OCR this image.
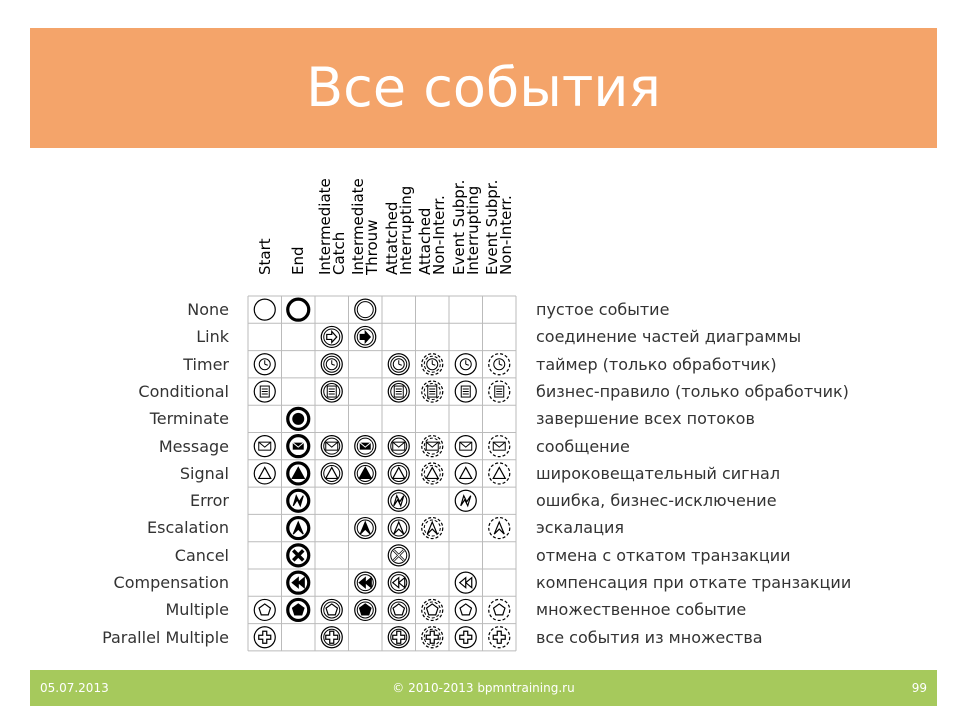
Все события
Start End Intermediate
Catch Intermediate
Throuw Attatched
Interrupting Attached
Non-Interr. Event Subpr.
Interrupting Event Subpr.
Non-Interr.
None
Link
Timer
Conditional
Terminate
Message
Signal
Error
Escalation
Cancel
Compensation
Multiple
Parallel Multiple
пустое событие
соединение частей диаграммы
таймер (только обработчик)
бизнес-правило (только обработчик)
завершение всех потоков
сообщение
широковещательный сигнал
ошибка, бизнес-исключение
эскалация
отмена с откатом транзакции
компенсация при откате транзакции
множественное событие
все события из множества
05.07.2013	© 2010-2013 bpmntraining.ru	99
